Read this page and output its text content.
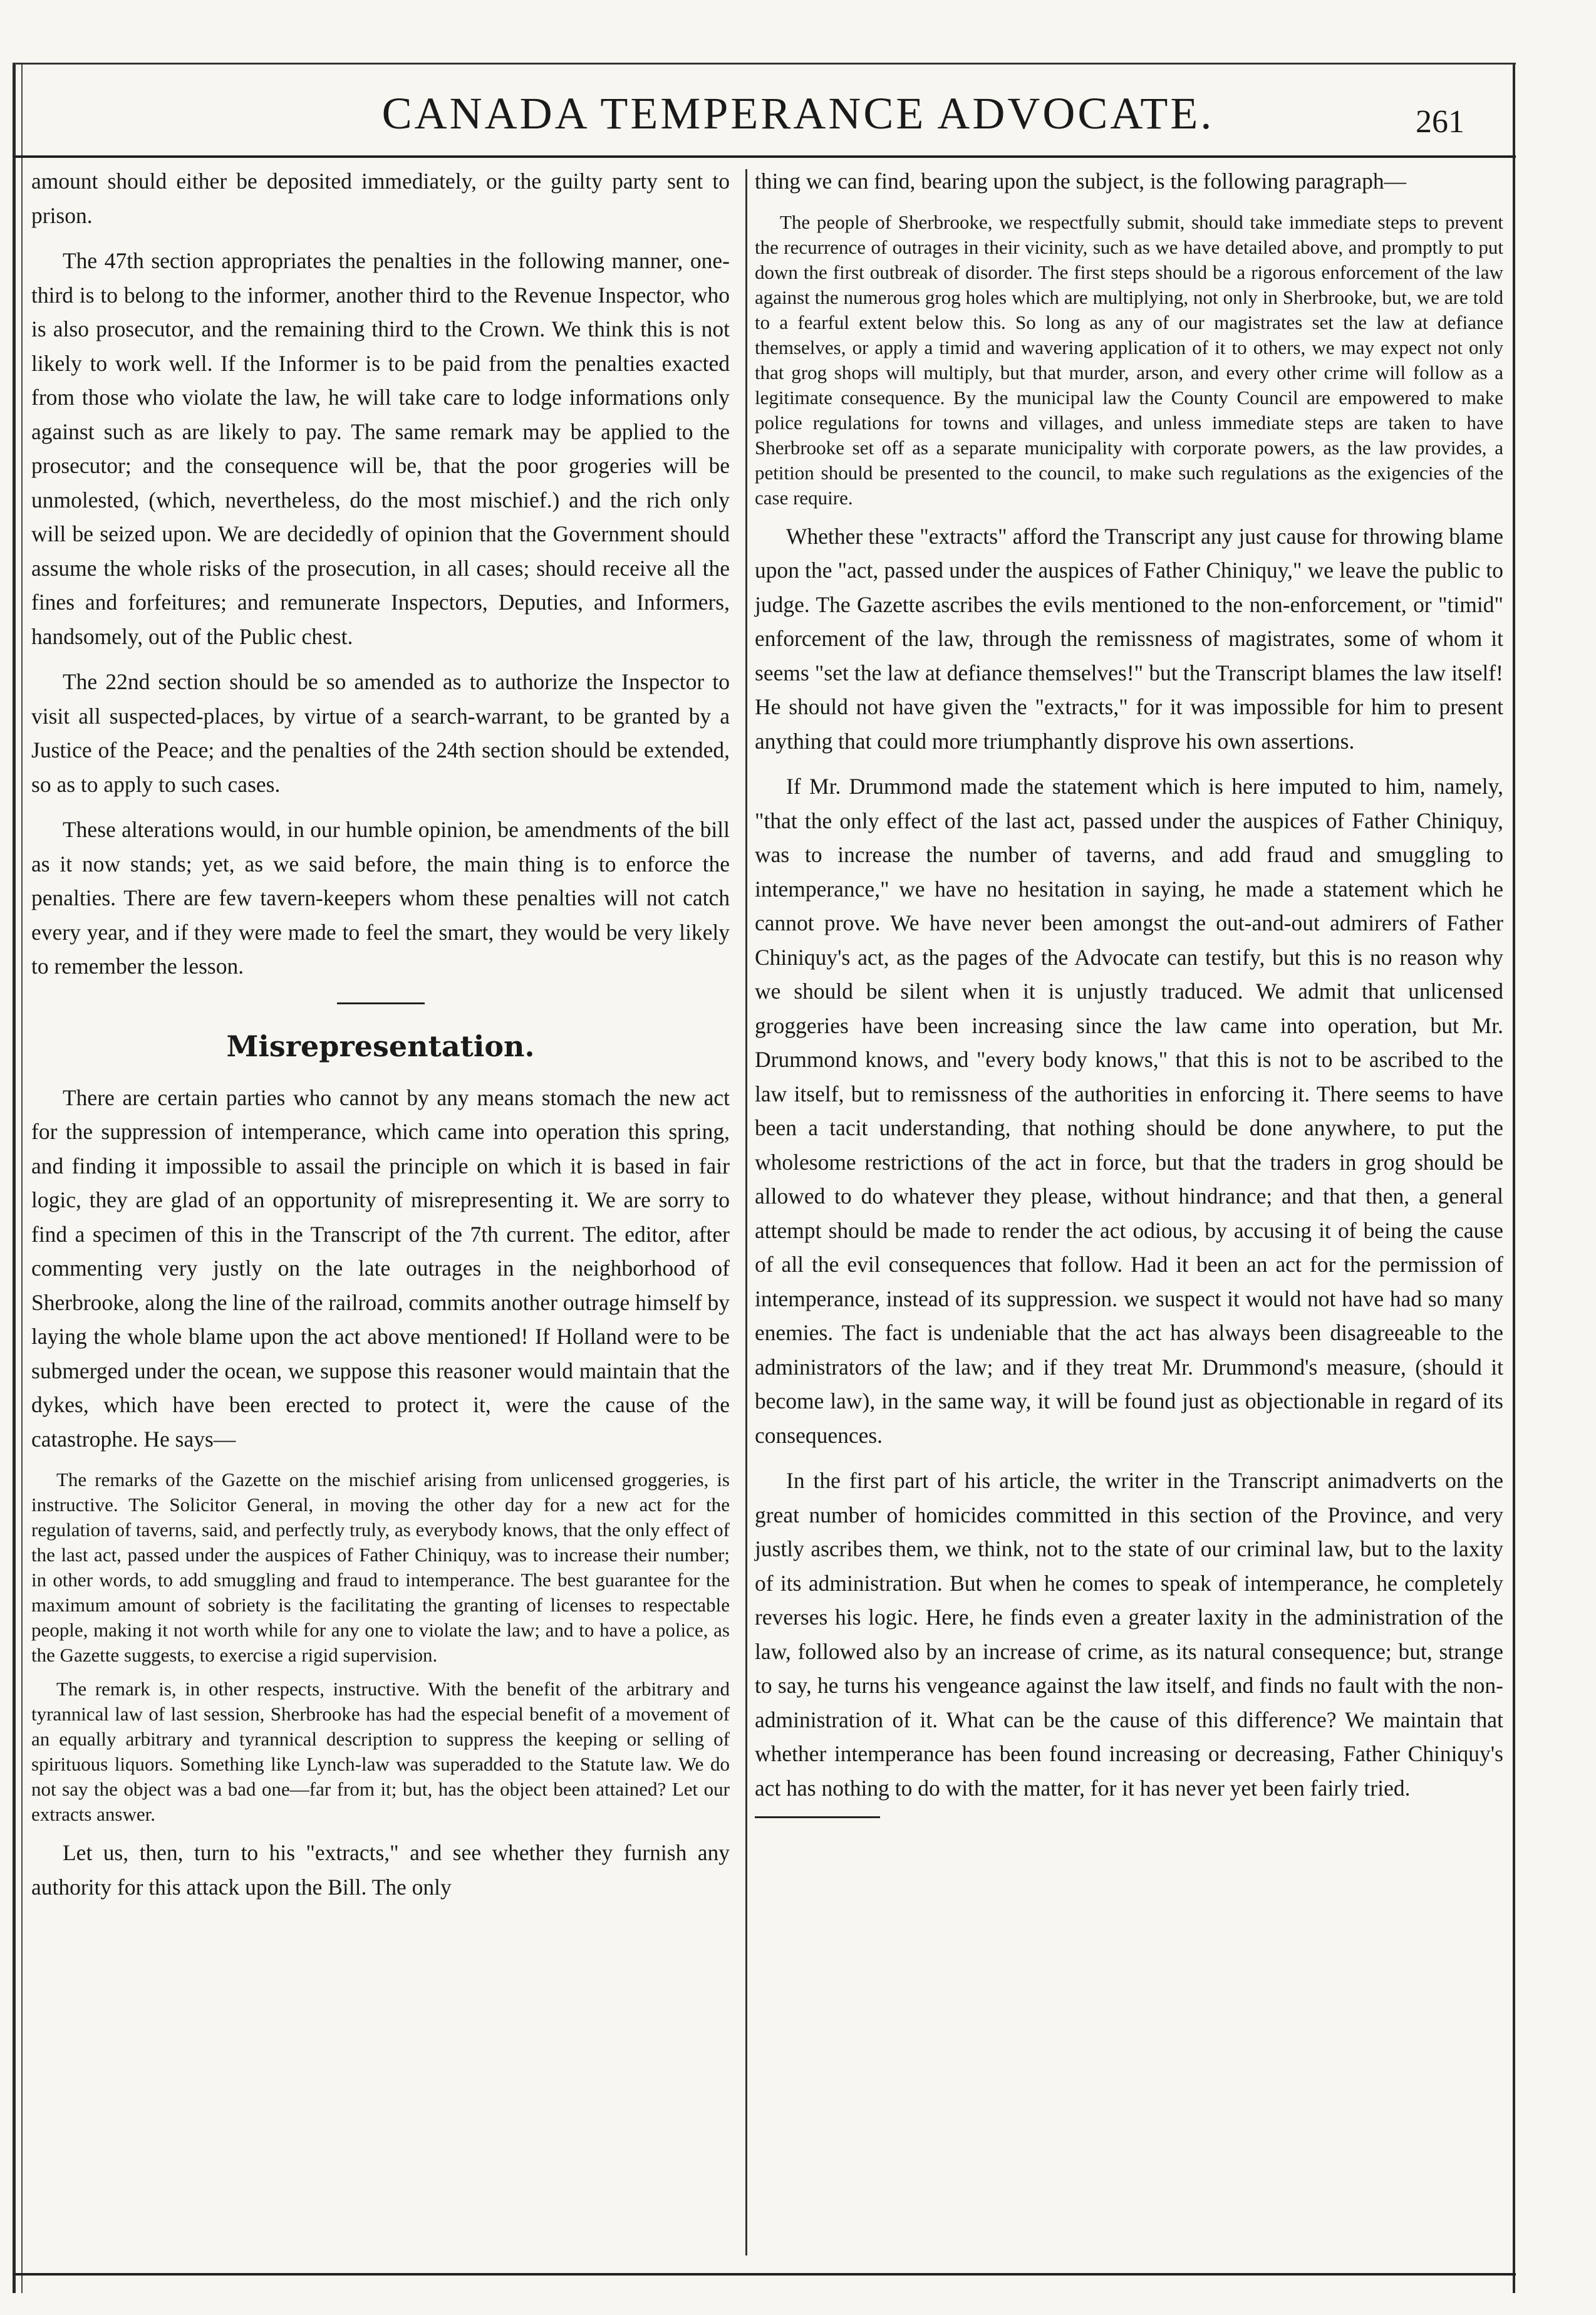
CANADA TEMPERANCE ADVOCATE.	261

amount should either be deposited immediately, or the guilty party sent to prison.

The 47th section appropriates the penalties in the following manner, one-third is to belong to the informer, another third to the Revenue Inspector, who is also prosecutor, and the remaining third to the Crown. We think this is not likely to work well. If the Informer is to be paid from the penalties exacted from those who violate the law, he will take care to lodge informations only against such as are likely to pay. The same remark may be applied to the prosecutor; and the consequence will be, that the poor grogeries will be unmolested, (which, nevertheless, do the most mischief.) and the rich only will be seized upon. We are decidedly of opinion that the Government should assume the whole risks of the prosecution, in all cases; should receive all the fines and forfeitures; and remunerate Inspectors, Deputies, and Informers, handsomely, out of the Public chest.

The 22nd section should be so amended as to authorize the Inspector to visit all suspected-places, by virtue of a search-warrant, to be granted by a Justice of the Peace; and the penalties of the 24th section should be extended, so as to apply to such cases.

These alterations would, in our humble opinion, be amendments of the bill as it now stands; yet, as we said before, the main thing is to enforce the penalties. There are few tavern-keepers whom these penalties will not catch every year, and if they were made to feel the smart, they would be very likely to remember the lesson.

Misrepresentation.

There are certain parties who cannot by any means stomach the new act for the suppression of intemperance, which came into operation this spring, and finding it impossible to assail the principle on which it is based in fair logic, they are glad of an opportunity of misrepresenting it. We are sorry to find a specimen of this in the Transcript of the 7th current. The editor, after commenting very justly on the late outrages in the neighborhood of Sherbrooke, along the line of the railroad, commits another outrage himself by laying the whole blame upon the act above mentioned! If Holland were to be submerged under the ocean, we suppose this reasoner would maintain that the dykes, which have been erected to protect it, were the cause of the catastrophe. He says—

The remarks of the Gazette on the mischief arising from unlicensed groggeries, is instructive. The Solicitor General, in moving the other day for a new act for the regulation of taverns, said, and perfectly truly, as everybody knows, that the only effect of the last act, passed under the auspices of Father Chiniquy, was to increase their number; in other words, to add smuggling and fraud to intemperance. The best guarantee for the maximum amount of sobriety is the facilitating the granting of licenses to respectable people, making it not worth while for any one to violate the law; and to have a police, as the Gazette suggests, to exercise a rigid supervision.

The remark is, in other respects, instructive. With the benefit of the arbitrary and tyrannical law of last session, Sherbrooke has had the especial benefit of a movement of an equally arbitrary and tyrannical description to suppress the keeping or selling of spirituous liquors. Something like Lynch-law was superadded to the Statute law. We do not say the object was a bad one—far from it; but, has the object been attained? Let our extracts answer.

Let us, then, turn to his "extracts," and see whether they furnish any authority for this attack upon the Bill. The only

thing we can find, bearing upon the subject, is the following paragraph—

The people of Sherbrooke, we respectfully submit, should take immediate steps to prevent the recurrence of outrages in their vicinity, such as we have detailed above, and promptly to put down the first outbreak of disorder. The first steps should be a rigorous enforcement of the law against the numerous grog holes which are multiplying, not only in Sherbrooke, but, we are told to a fearful extent below this. So long as any of our magistrates set the law at defiance themselves, or apply a timid and wavering application of it to others, we may expect not only that grog shops will multiply, but that murder, arson, and every other crime will follow as a legitimate consequence. By the municipal law the County Council are empowered to make police regulations for towns and villages, and unless immediate steps are taken to have Sherbrooke set off as a separate municipality with corporate powers, as the law provides, a petition should be presented to the council, to make such regulations as the exigencies of the case require.

Whether these "extracts" afford the Transcript any just cause for throwing blame upon the "act, passed under the auspices of Father Chiniquy," we leave the public to judge. The Gazette ascribes the evils mentioned to the non-enforcement, or "timid" enforcement of the law, through the remissness of magistrates, some of whom it seems "set the law at defiance themselves!" but the Transcript blames the law itself! He should not have given the "extracts," for it was impossible for him to present anything that could more triumphantly disprove his own assertions.

If Mr. Drummond made the statement which is here imputed to him, namely, "that the only effect of the last act, passed under the auspices of Father Chiniquy, was to increase the number of taverns, and add fraud and smuggling to intemperance," we have no hesitation in saying, he made a statement which he cannot prove. We have never been amongst the out-and-out admirers of Father Chiniquy's act, as the pages of the Advocate can testify, but this is no reason why we should be silent when it is unjustly traduced. We admit that unlicensed groggeries have been increasing since the law came into operation, but Mr. Drummond knows, and "every body knows," that this is not to be ascribed to the law itself, but to remissness of the authorities in enforcing it. There seems to have been a tacit understanding, that nothing should be done anywhere, to put the wholesome restrictions of the act in force, but that the traders in grog should be allowed to do whatever they please, without hindrance; and that then, a general attempt should be made to render the act odious, by accusing it of being the cause of all the evil consequences that follow. Had it been an act for the permission of intemperance, instead of its suppression. we suspect it would not have had so many enemies. The fact is undeniable that the act has always been disagreeable to the administrators of the law; and if they treat Mr. Drummond's measure, (should it become law), in the same way, it will be found just as objectionable in regard of its consequences.

In the first part of his article, the writer in the Transcript animadverts on the great number of homicides committed in this section of the Province, and very justly ascribes them, we think, not to the state of our criminal law, but to the laxity of its administration. But when he comes to speak of intemperance, he completely reverses his logic. Here, he finds even a greater laxity in the administration of the law, followed also by an increase of crime, as its natural consequence; but, strange to say, he turns his vengeance against the law itself, and finds no fault with the non-administration of it. What can be the cause of this difference? We maintain that whether intemperance has been found increasing or decreasing, Father Chiniquy's act has nothing to do with the matter, for it has never yet been fairly tried.
